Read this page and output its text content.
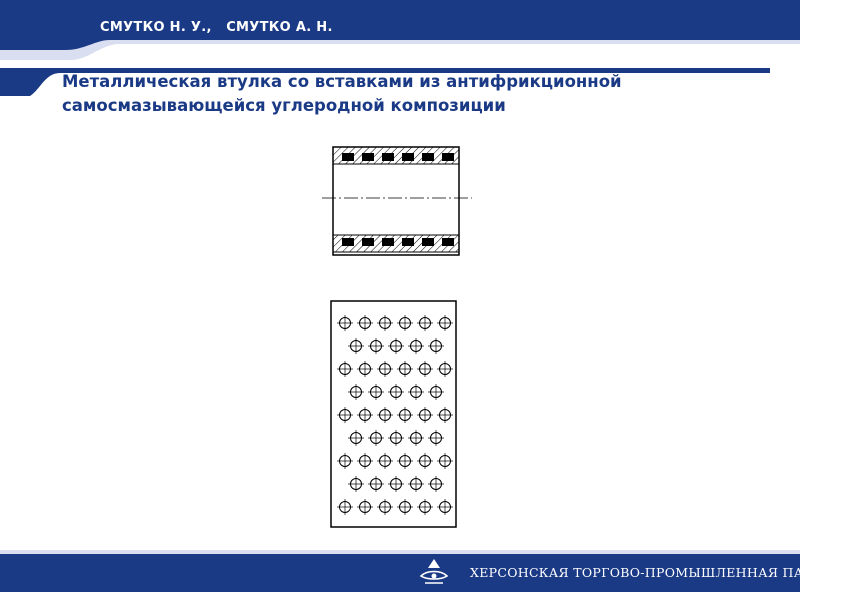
СМУТКО Н. У.,   СМУТКО А. Н.
Металлическая втулка со вставками из антифрикционной
самосмазывающейся углеродной композиции
ХЕРСОНСКАЯ ТОРГОВО-ПРОМЫШЛЕННАЯ ПАЛАТА
